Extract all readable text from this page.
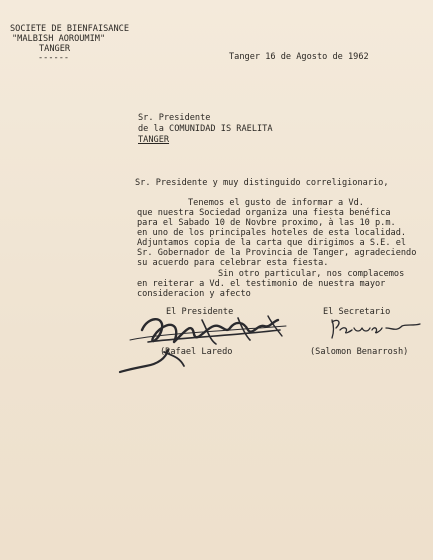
SOCIETE DE BIENFAISANCE
"MALBISH AOROUMIM"
TANGER
------	Tanger 16 de Agosto de 1962
Sr. Presidente
de la COMUNIDAD IS RAELITA
TANGER
Sr. Presidente y muy distinguido correligionario,
Tenemos el gusto de informar a Vd.
que nuestra Sociedad organiza una fiesta benéfica
para el Sabado 10 de Novbre proximo, à las 10 p.m.
en uno de los principales hoteles de esta localidad.
Adjuntamos copia de la carta que dirigimos a S.E. el
Sr. Gobernador de la Provincia de Tanger, agradeciendo
su acuerdo para celebrar esta fiesta.
Sin otro particular, nos complacemos
en reiterar a Vd. el testimonio de nuestra mayor
consideracion y afecto
El Presidente	El Secretario
(Rafael Laredo	(Salomon Benarrosh)
